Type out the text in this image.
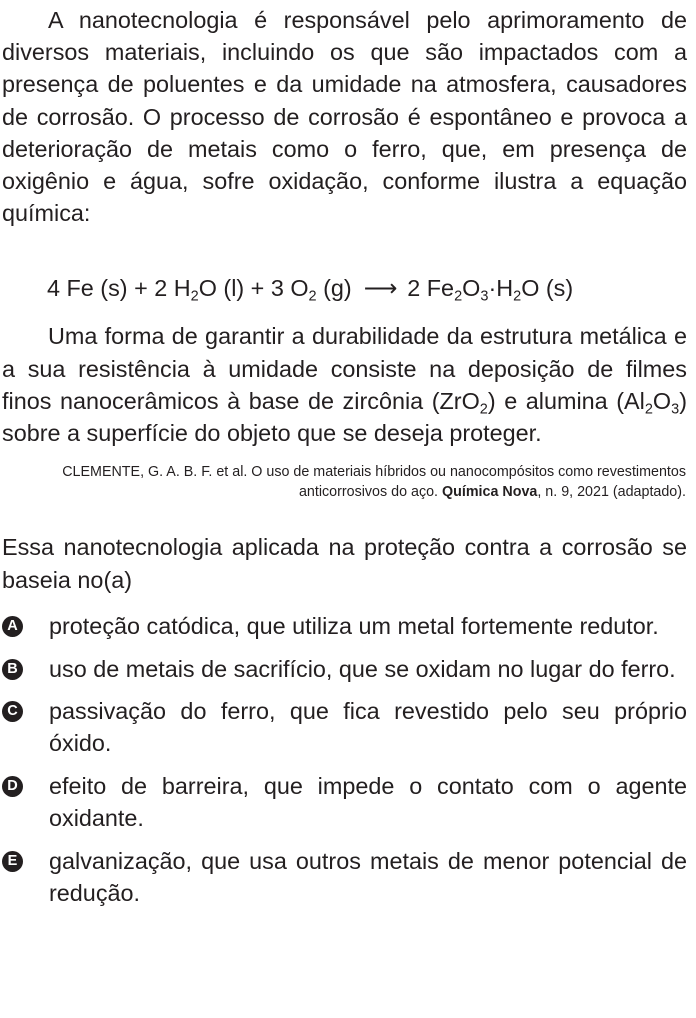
A nanotecnologia é responsável pelo aprimoramento de diversos materiais, incluindo os que são impactados com a presença de poluentes e da umidade na atmosfera, causadores de corrosão. O processo de corrosão é espontâneo e provoca a deterioração de metais como o ferro, que, em presença de oxigênio e água, sofre oxidação, conforme ilustra a equação química:

4 Fe (s) + 2 $H_2O$ (l) + 3 $O_2$ (g) ⟶ 2 $Fe_2O_3\cdot H_2O$ (s)

Uma forma de garantir a durabilidade da estrutura metálica e a sua resistência à umidade consiste na deposição de filmes finos nanocerâmicos à base de zircônia (ZrO$_2$) e alumina $(Al_2O_3)$ sobre a superfície do objeto que se deseja proteger.

CLEMENTE, G. A. B. F. et al. O uso de materiais híbridos ou nanocompósitos como revestimentos anticorrosivos do aço. Química Nova, n. 9, 2021 (adaptado).

Essa nanotecnologia aplicada na proteção contra a corrosão se baseia no(a)

A proteção catódica, que utiliza um metal fortemente redutor.
B uso de metais de sacrifício, que se oxidam no lugar do ferro.
C passivação do ferro, que fica revestido pelo seu próprio óxido.
D efeito de barreira, que impede o contato com o agente oxidante.
E galvanização, que usa outros metais de menor potencial de redução.
